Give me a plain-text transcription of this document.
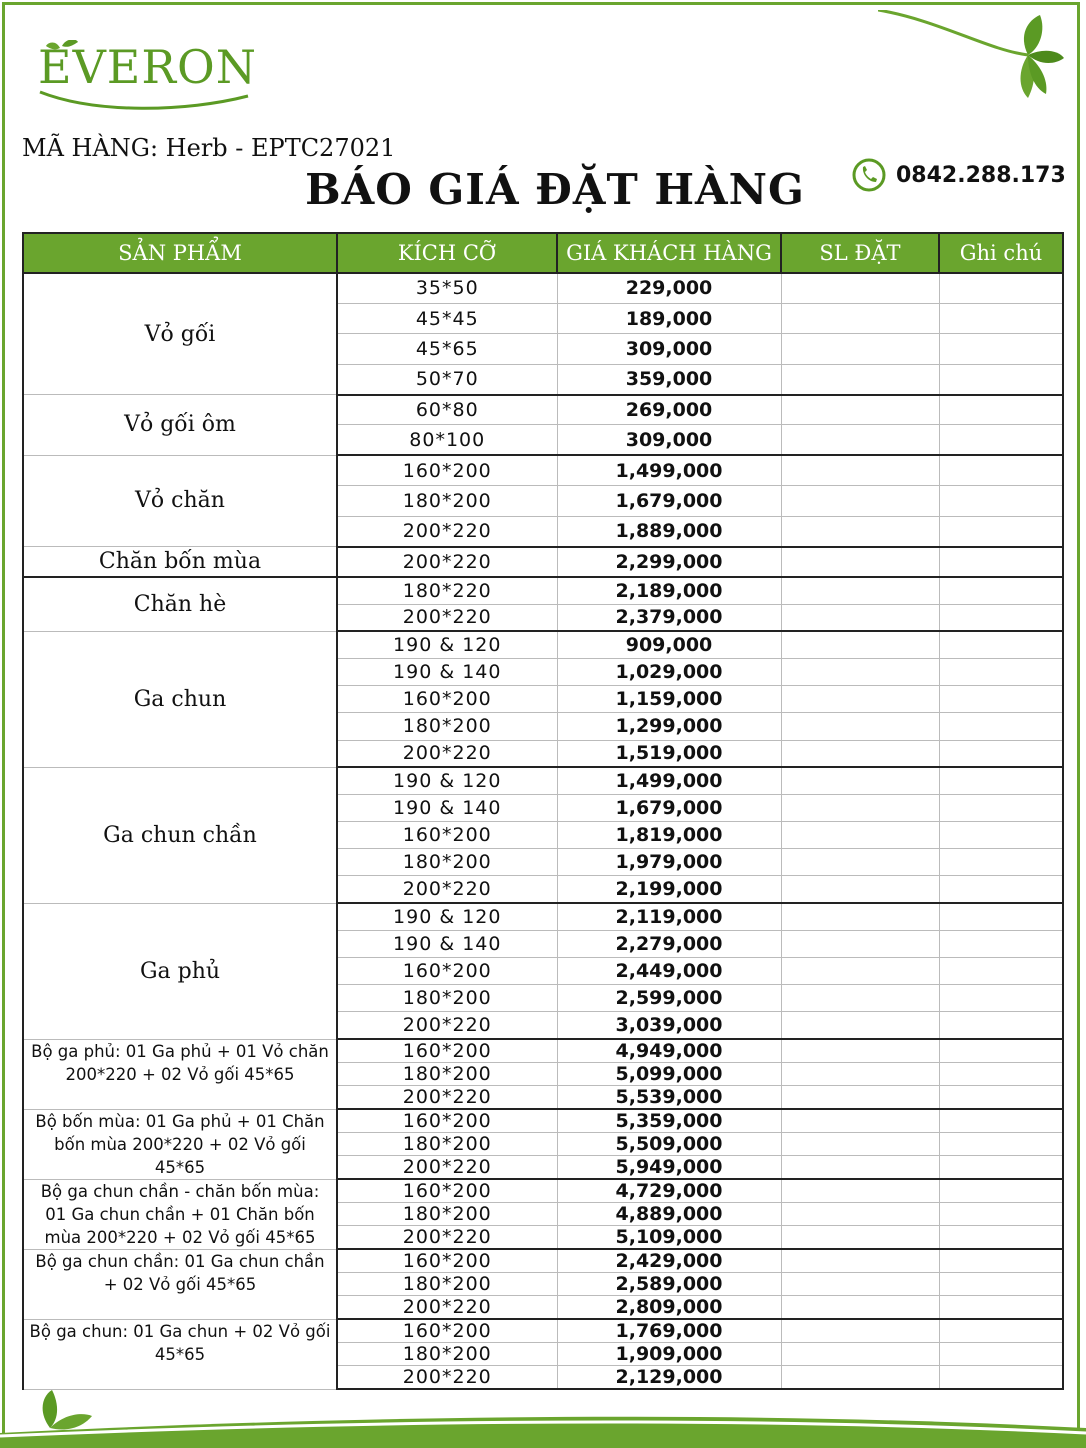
EVERON
MÃ HÀNG: Herb - EPTC27021
BÁO GIÁ ĐẶT HÀNG	0842.288.173
SẢN PHẨM	KÍCH CỠ	GIÁ KHÁCH HÀNG	SL ĐẶT	Ghi chú
Vỏ gối	35*50	229,000		
	45*45	189,000		
	45*65	309,000		
	50*70	359,000		
Vỏ gối ôm	60*80	269,000		
	80*100	309,000		
Vỏ chăn	160*200	1,499,000		
	180*200	1,679,000		
	200*220	1,889,000		
Chăn bốn mùa	200*220	2,299,000		
Chăn hè	180*220	2,189,000		
	200*220	2,379,000		
Ga chun	190 & 120	909,000		
	190 & 140	1,029,000		
	160*200	1,159,000		
	180*200	1,299,000		
	200*220	1,519,000		
Ga chun chần	190 & 120	1,499,000		
	190 & 140	1,679,000		
	160*200	1,819,000		
	180*200	1,979,000		
	200*220	2,199,000		
Ga phủ	190 & 120	2,119,000		
	190 & 140	2,279,000		
	160*200	2,449,000		
	180*200	2,599,000		
	200*220	3,039,000		
Bộ ga phủ: 01 Ga phủ + 01 Vỏ chăn 200*220 + 02 Vỏ gối 45*65	160*200	4,949,000		
	180*200	5,099,000		
	200*220	5,539,000		
Bộ bốn mùa: 01 Ga phủ + 01 Chăn bốn mùa 200*220 + 02 Vỏ gối 45*65	160*200	5,359,000		
	180*200	5,509,000		
	200*220	5,949,000		
Bộ ga chun chần - chăn bốn mùa: 01 Ga chun chần + 01 Chăn bốn mùa 200*220 + 02 Vỏ gối 45*65	160*200	4,729,000		
	180*200	4,889,000		
	200*220	5,109,000		
Bộ ga chun chần: 01 Ga chun chần + 02 Vỏ gối 45*65	160*200	2,429,000		
	180*200	2,589,000		
	200*220	2,809,000		
Bộ ga chun: 01 Ga chun + 02 Vỏ gối 45*65	160*200	1,769,000		
	180*200	1,909,000		
	200*220	2,129,000		
